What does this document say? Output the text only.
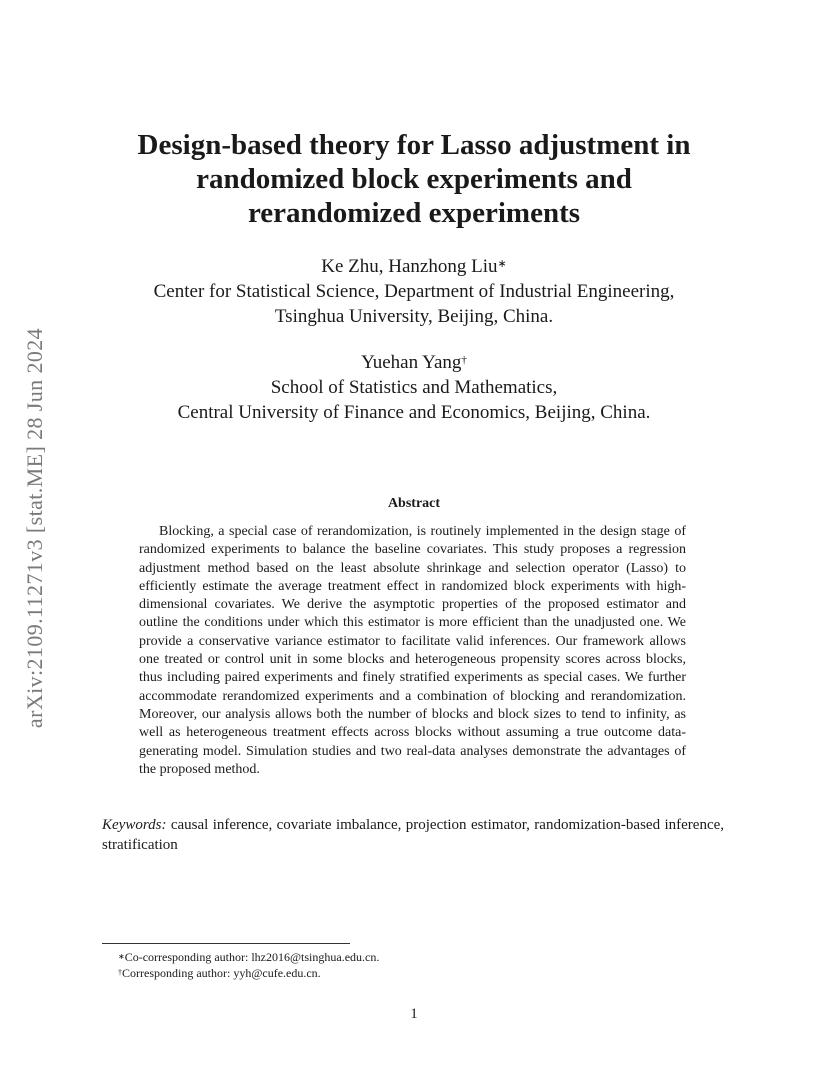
arXiv:2109.11271v3 [stat.ME] 28 Jun 2024
Design-based theory for Lasso adjustment in
randomized block experiments and
rerandomized experiments
Ke Zhu, Hanzhong Liu∗
Center for Statistical Science, Department of Industrial Engineering,
Tsinghua University, Beijing, China.
Yuehan Yang†
School of Statistics and Mathematics,
Central University of Finance and Economics, Beijing, China.
Abstract
Blocking, a special case of rerandomization, is routinely implemented in the design stage of randomized experiments to balance the baseline covariates. This study proposes a regression adjustment method based on the least absolute shrinkage and selection operator (Lasso) to efficiently estimate the average treatment effect in randomized block experiments with high-dimensional covariates. We derive the asymptotic properties of the proposed estimator and outline the conditions under which this estimator is more efficient than the unadjusted one. We provide a conservative variance estimator to facilitate valid inferences. Our framework allows one treated or control unit in some blocks and heterogeneous propensity scores across blocks, thus including paired experiments and finely stratified experiments as special cases. We further accommodate rerandomized experiments and a combination of blocking and rerandomization. Moreover, our analysis allows both the number of blocks and block sizes to tend to infinity, as well as heterogeneous treatment effects across blocks without assuming a true outcome data-generating model. Simulation studies and two real-data analyses demonstrate the advantages of the proposed method.
Keywords: causal inference, covariate imbalance, projection estimator, randomization-based inference, stratification
∗Co-corresponding author: lhz2016@tsinghua.edu.cn.
†Corresponding author: yyh@cufe.edu.cn.
1
